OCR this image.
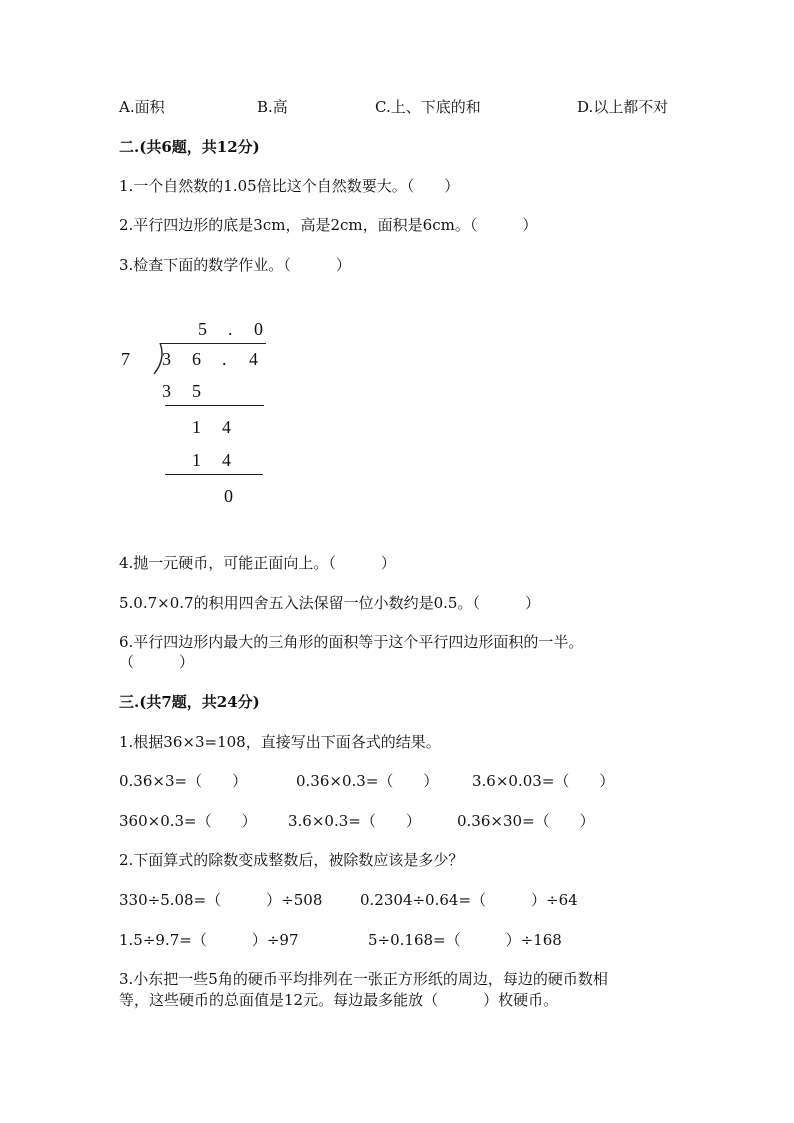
A.面积	B.高	C.上、下底的和	D.以上都不对
二.(共6题，共12分)
1.一个自然数的1.05倍比这个自然数要大。（　　）
2.平行四边形的底是3cm，高是2cm，面积是6cm。（　　　）
3.检查下面的数学作业。（　　　）
5 . 0
7 3 6 . 4
3 5
1 4
1 4
0
4.抛一元硬币，可能正面向上。（　　　）
5.0.7×0.7的积用四舍五入法保留一位小数约是0.5。（　　　）
6.平行四边形内最大的三角形的面积等于这个平行四边形面积的一半。
（　　　）
三.(共7题，共24分)
1.根据36×3=108，直接写出下面各式的结果。
0.36×3=（　　）	0.36×0.3=（　　） 3.6×0.03=（　　）
360×0.3=（　　） 3.6×0.3=（　　） 0.36×30=（　　）
2.下面算式的除数变成整数后，被除数应该是多少？
330÷5.08=（　　　）÷508	0.2304÷0.64=（　　　）÷64
1.5÷9.7=（　　　）÷97	5÷0.168=（　　　）÷168
3.小东把一些5角的硬币平均排列在一张正方形纸的周边，每边的硬币数相
等，这些硬币的总面值是12元。每边最多能放（　　　）枚硬币。
